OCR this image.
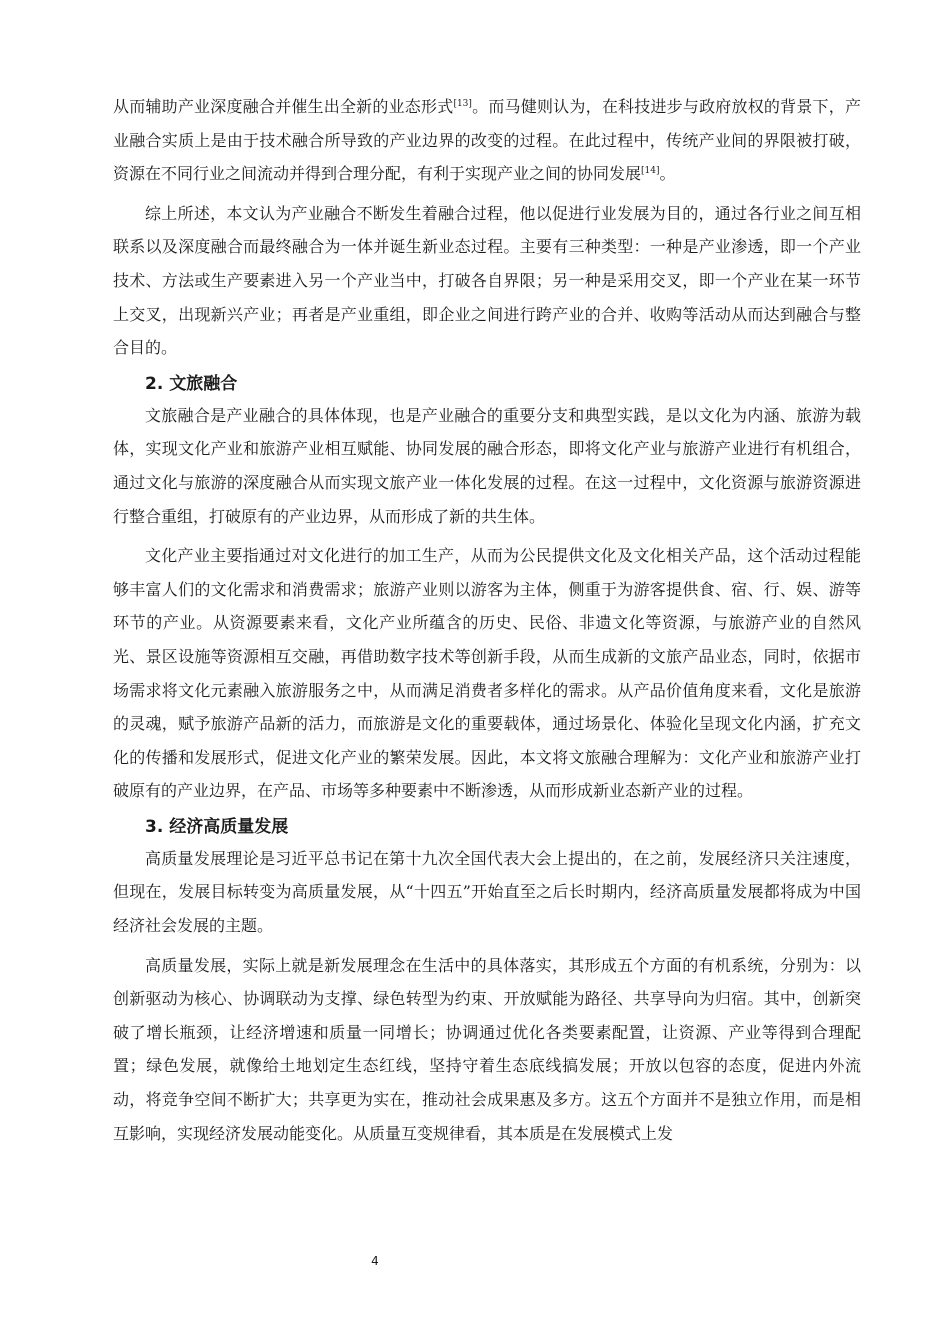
从而辅助产业深度融合并催生出全新的业态形式[13]。而马健则认为，在科技进步与政府放权的背景下，产业融合实质上是由于技术融合所导致的产业边界的改变的过程。在此过程中，传统产业间的界限被打破，资源在不同行业之间流动并得到合理分配，有利于实现产业之间的协同发展[14]。

综上所述，本文认为产业融合不断发生着融合过程，他以促进行业发展为目的，通过各行业之间互相联系以及深度融合而最终融合为一体并诞生新业态过程。主要有三种类型：一种是产业渗透，即一个产业技术、方法或生产要素进入另一个产业当中，打破各自界限；另一种是采用交叉，即一个产业在某一环节上交叉，出现新兴产业；再者是产业重组，即企业之间进行跨产业的合并、收购等活动从而达到融合与整合目的。

2. 文旅融合

文旅融合是产业融合的具体体现，也是产业融合的重要分支和典型实践，是以文化为内涵、旅游为载体，实现文化产业和旅游产业相互赋能、协同发展的融合形态，即将文化产业与旅游产业进行有机组合，通过文化与旅游的深度融合从而实现文旅产业一体化发展的过程。在这一过程中，文化资源与旅游资源进行整合重组，打破原有的产业边界，从而形成了新的共生体。

文化产业主要指通过对文化进行的加工生产，从而为公民提供文化及文化相关产品，这个活动过程能够丰富人们的文化需求和消费需求；旅游产业则以游客为主体，侧重于为游客提供食、宿、行、娱、游等环节的产业。从资源要素来看，文化产业所蕴含的历史、民俗、非遗文化等资源，与旅游产业的自然风光、景区设施等资源相互交融，再借助数字技术等创新手段，从而生成新的文旅产品业态，同时，依据市场需求将文化元素融入旅游服务之中，从而满足消费者多样化的需求。从产品价值角度来看，文化是旅游的灵魂，赋予旅游产品新的活力，而旅游是文化的重要载体，通过场景化、体验化呈现文化内涵，扩充文化的传播和发展形式，促进文化产业的繁荣发展。因此，本文将文旅融合理解为：文化产业和旅游产业打破原有的产业边界，在产品、市场等多种要素中不断渗透，从而形成新业态新产业的过程。

3. 经济高质量发展

高质量发展理论是习近平总书记在第十九次全国代表大会上提出的，在之前，发展经济只关注速度，但现在，发展目标转变为高质量发展，从“十四五”开始直至之后长时期内，经济高质量发展都将成为中国经济社会发展的主题。

高质量发展，实际上就是新发展理念在生活中的具体落实，其形成五个方面的有机系统，分别为：以创新驱动为核心、协调联动为支撑、绿色转型为约束、开放赋能为路径、共享导向为归宿。其中，创新突破了增长瓶颈，让经济增速和质量一同增长；协调通过优化各类要素配置，让资源、产业等得到合理配置；绿色发展，就像给土地划定生态红线，坚持守着生态底线搞发展；开放以包容的态度，促进内外流动，将竞争空间不断扩大；共享更为实在，推动社会成果惠及多方。这五个方面并不是独立作用，而是相互影响，实现经济发展动能变化。从质量互变规律看，其本质是在发展模式上发

4
